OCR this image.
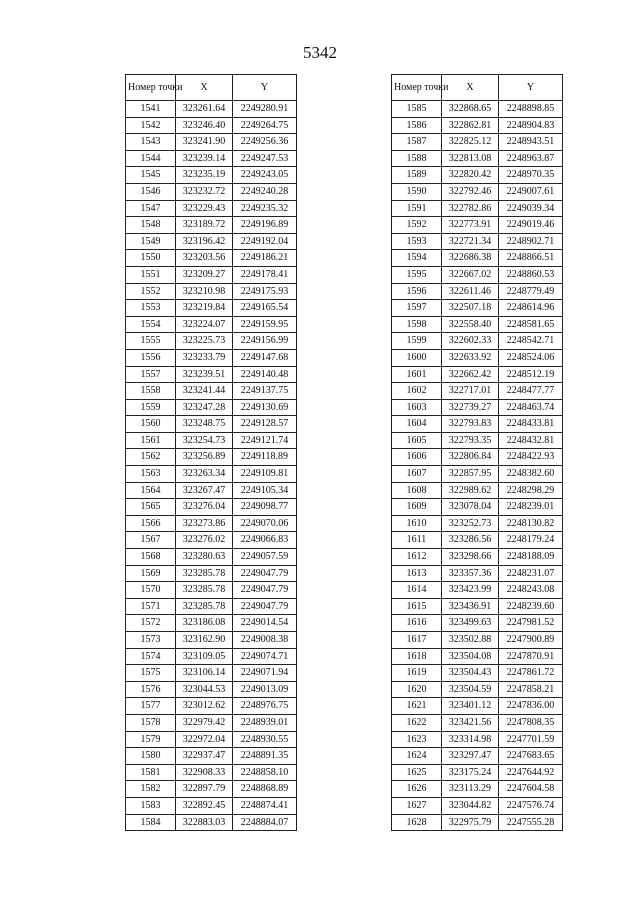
5342
Номер точки	X	Y
1541	323261.64	2249280.91
1542	323246.40	2249264.75
1543	323241.90	2249256.36
1544	323239.14	2249247.53
1545	323235.19	2249243.05
1546	323232.72	2249240.28
1547	323229.43	2249235.32
1548	323189.72	2249196.89
1549	323196.42	2249192.04
1550	323203.56	2249186.21
1551	323209.27	2249178.41
1552	323210.98	2249175.93
1553	323219.84	2249165.54
1554	323224.07	2249159.95
1555	323225.73	2249156.99
1556	323233.79	2249147.68
1557	323239.51	2249140.48
1558	323241.44	2249137.75
1559	323247.28	2249130.69
1560	323248.75	2249128.57
1561	323254.73	2249121.74
1562	323256.89	2249118.89
1563	323263.34	2249109.81
1564	323267.47	2249105.34
1565	323276.04	2249098.77
1566	323273.86	2249070.06
1567	323276.02	2249066.83
1568	323280.63	2249057.59
1569	323285.78	2249047.79
1570	323285.78	2249047.79
1571	323285.78	2249047.79
1572	323186.08	2249014.54
1573	323162.90	2249008.38
1574	323109.05	2249074.71
1575	323106.14	2249071.94
1576	323044.53	2249013.09
1577	323012.62	2248976.75
1578	322979.42	2248939.01
1579	322972.04	2248930.55
1580	322937.47	2248891.35
1581	322908.33	2248858.10
1582	322897.79	2248868.89
1583	322892.45	2248874.41
1584	322883.03	2248884.07
Номер точки	X	Y
1585	322868.65	2248898.85
1586	322862.81	2248904.83
1587	322825.12	2248943.51
1588	322813.08	2248963.87
1589	322820.42	2248970.35
1590	322792.46	2249007.61
1591	322782.86	2249039.34
1592	322773.91	2249019.46
1593	322721.34	2248902.71
1594	322686.38	2248866.51
1595	322667.02	2248860.53
1596	322611.46	2248779.49
1597	322507.18	2248614.96
1598	322558.40	2248581.65
1599	322602.33	2248542.71
1600	322633.92	2248524.06
1601	322662.42	2248512.19
1602	322717.01	2248477.77
1603	322739.27	2248463.74
1604	322793.83	2248433.81
1605	322793.35	2248432.81
1606	322806.84	2248422.93
1607	322857.95	2248382.60
1608	322989.62	2248298.29
1609	323078.04	2248239.01
1610	323252.73	2248130.82
1611	323286.56	2248179.24
1612	323298.66	2248188.09
1613	323357.36	2248231.07
1614	323423.99	2248243.08
1615	323436.91	2248239.60
1616	323499.63	2247981.52
1617	323502.88	2247900.89
1618	323504.08	2247870.91
1619	323504.43	2247861.72
1620	323504.59	2247858.21
1621	323401.12	2247836.00
1622	323421.56	2247808.35
1623	323314.98	2247701.59
1624	323297.47	2247683.65
1625	323175.24	2247644.92
1626	323113.29	2247604.58
1627	323044.82	2247576.74
1628	322975.79	2247555.28
